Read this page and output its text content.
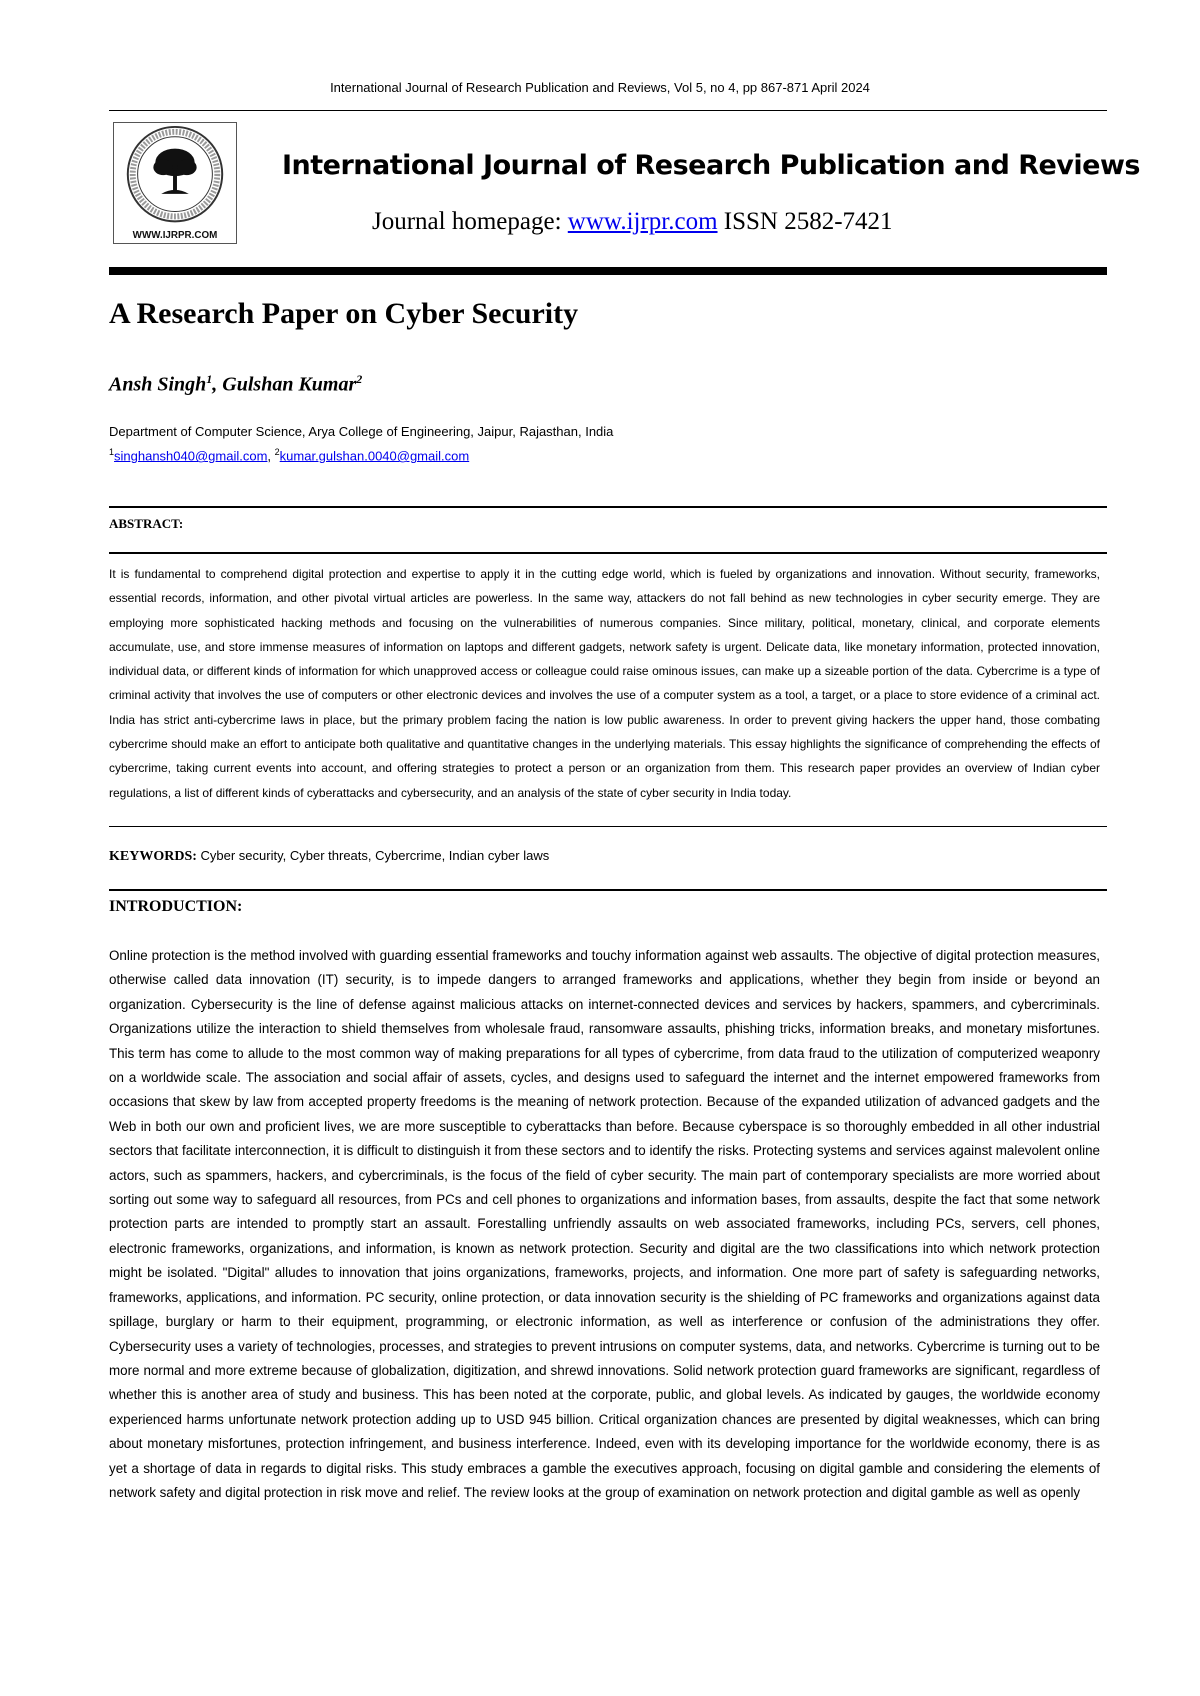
International Journal of Research Publication and Reviews, Vol 5, no 4, pp 867-871 April 2024
WWW.IJRPR.COM
International Journal of Research Publication and Reviews
Journal homepage: www.ijrpr.com ISSN 2582-7421
A Research Paper on Cyber Security
Ansh Singh$^1$, Gulshan Kumar$^2$
Department of Computer Science, Arya College of Engineering, Jaipur, Rajasthan, India
$^1$singhansh040@gmail.com, $^2$kumar.gulshan.0040@gmail.com
ABSTRACT:
It is fundamental to comprehend digital protection and expertise to apply it in the cutting edge world, which is fueled by organizations and innovation. Without security, frameworks, essential records, information, and other pivotal virtual articles are powerless. In the same way, attackers do not fall behind as new technologies in cyber security emerge. They are employing more sophisticated hacking methods and focusing on the vulnerabilities of numerous companies. Since military, political, monetary, clinical, and corporate elements accumulate, use, and store immense measures of information on laptops and different gadgets, network safety is urgent. Delicate data, like monetary information, protected innovation, individual data, or different kinds of information for which unapproved access or colleague could raise ominous issues, can make up a sizeable portion of the data. Cybercrime is a type of criminal activity that involves the use of computers or other electronic devices and involves the use of a computer system as a tool, a target, or a place to store evidence of a criminal act. India has strict anti-cybercrime laws in place, but the primary problem facing the nation is low public awareness. In order to prevent giving hackers the upper hand, those combating cybercrime should make an effort to anticipate both qualitative and quantitative changes in the underlying materials. This essay highlights the significance of comprehending the effects of cybercrime, taking current events into account, and offering strategies to protect a person or an organization from them. This research paper provides an overview of Indian cyber regulations, a list of different kinds of cyberattacks and cybersecurity, and an analysis of the state of cyber security in India today.
KEYWORDS: Cyber security, Cyber threats, Cybercrime, Indian cyber laws
INTRODUCTION:
Online protection is the method involved with guarding essential frameworks and touchy information against web assaults. The objective of digital protection measures, otherwise called data innovation (IT) security, is to impede dangers to arranged frameworks and applications, whether they begin from inside or beyond an organization. Cybersecurity is the line of defense against malicious attacks on internet-connected devices and services by hackers, spammers, and cybercriminals. Organizations utilize the interaction to shield themselves from wholesale fraud, ransomware assaults, phishing tricks, information breaks, and monetary misfortunes. This term has come to allude to the most common way of making preparations for all types of cybercrime, from data fraud to the utilization of computerized weaponry on a worldwide scale. The association and social affair of assets, cycles, and designs used to safeguard the internet and the internet empowered frameworks from occasions that skew by law from accepted property freedoms is the meaning of network protection. Because of the expanded utilization of advanced gadgets and the Web in both our own and proficient lives, we are more susceptible to cyberattacks than before. Because cyberspace is so thoroughly embedded in all other industrial sectors that facilitate interconnection, it is difficult to distinguish it from these sectors and to identify the risks. Protecting systems and services against malevolent online actors, such as spammers, hackers, and cybercriminals, is the focus of the field of cyber security. The main part of contemporary specialists are more worried about sorting out some way to safeguard all resources, from PCs and cell phones to organizations and information bases, from assaults, despite the fact that some network protection parts are intended to promptly start an assault. Forestalling unfriendly assaults on web associated frameworks, including PCs, servers, cell phones, electronic frameworks, organizations, and information, is known as network protection. Security and digital are the two classifications into which network protection might be isolated. "Digital" alludes to innovation that joins organizations, frameworks, projects, and information. One more part of safety is safeguarding networks, frameworks, applications, and information. PC security, online protection, or data innovation security is the shielding of PC frameworks and organizations against data spillage, burglary or harm to their equipment, programming, or electronic information, as well as interference or confusion of the administrations they offer. Cybersecurity uses a variety of technologies, processes, and strategies to prevent intrusions on computer systems, data, and networks. Cybercrime is turning out to be more normal and more extreme because of globalization, digitization, and shrewd innovations. Solid network protection guard frameworks are significant, regardless of whether this is another area of study and business. This has been noted at the corporate, public, and global levels. As indicated by gauges, the worldwide economy experienced harms unfortunate network protection adding up to USD 945 billion. Critical organization chances are presented by digital weaknesses, which can bring about monetary misfortunes, protection infringement, and business interference. Indeed, even with its developing importance for the worldwide economy, there is as yet a shortage of data in regards to digital risks. This study embraces a gamble the executives approach, focusing on digital gamble and considering the elements of network safety and digital protection in risk move and relief. The review looks at the group of examination on network protection and digital gamble as well as openly
